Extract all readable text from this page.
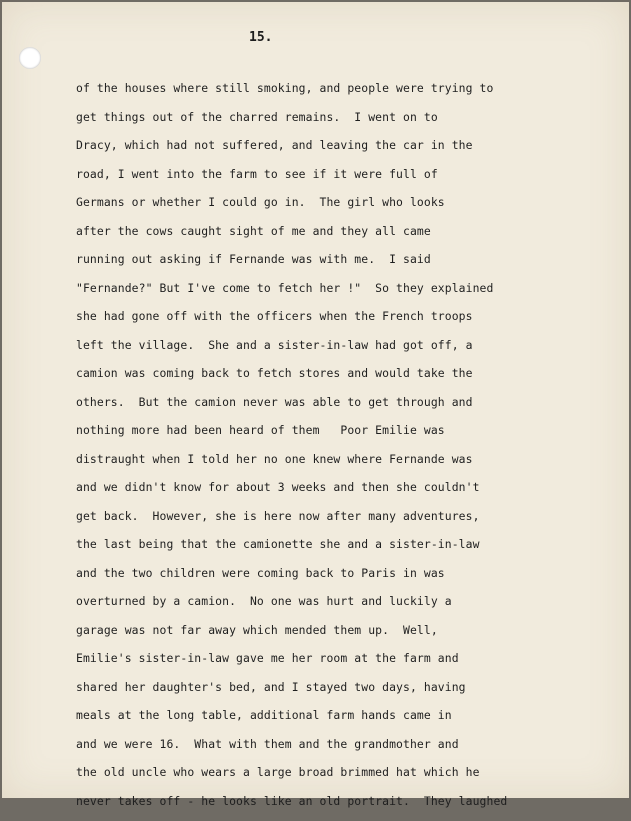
15.
of the houses where still smoking, and people were trying to
get things out of the charred remains.  I went on to
Dracy, which had not suffered, and leaving the car in the
road, I went into the farm to see if it were full of
Germans or whether I could go in.  The girl who looks
after the cows caught sight of me and they all came
running out asking if Fernande was with me.  I said
"Fernande?" But I've come to fetch her !"  So they explained
she had gone off with the officers when the French troops
left the village.  She and a sister-in-law had got off, a
camion was coming back to fetch stores and would take the
others.  But the camion never was able to get through and
nothing more had been heard of them   Poor Emilie was
distraught when I told her no one knew where Fernande was
and we didn't know for about 3 weeks and then she couldn't
get back.  However, she is here now after many adventures,
the last being that the camionette she and a sister-in-law
and the two children were coming back to Paris in was
overturned by a camion.  No one was hurt and luckily a
garage was not far away which mended them up.  Well,
Emilie's sister-in-law gave me her room at the farm and
shared her daughter's bed, and I stayed two days, having
meals at the long table, additional farm hands came in
and we were 16.  What with them and the grandmother and
the old uncle who wears a large broad brimmed hat which he
never takes off - he looks like an old portrait.  They laughed
